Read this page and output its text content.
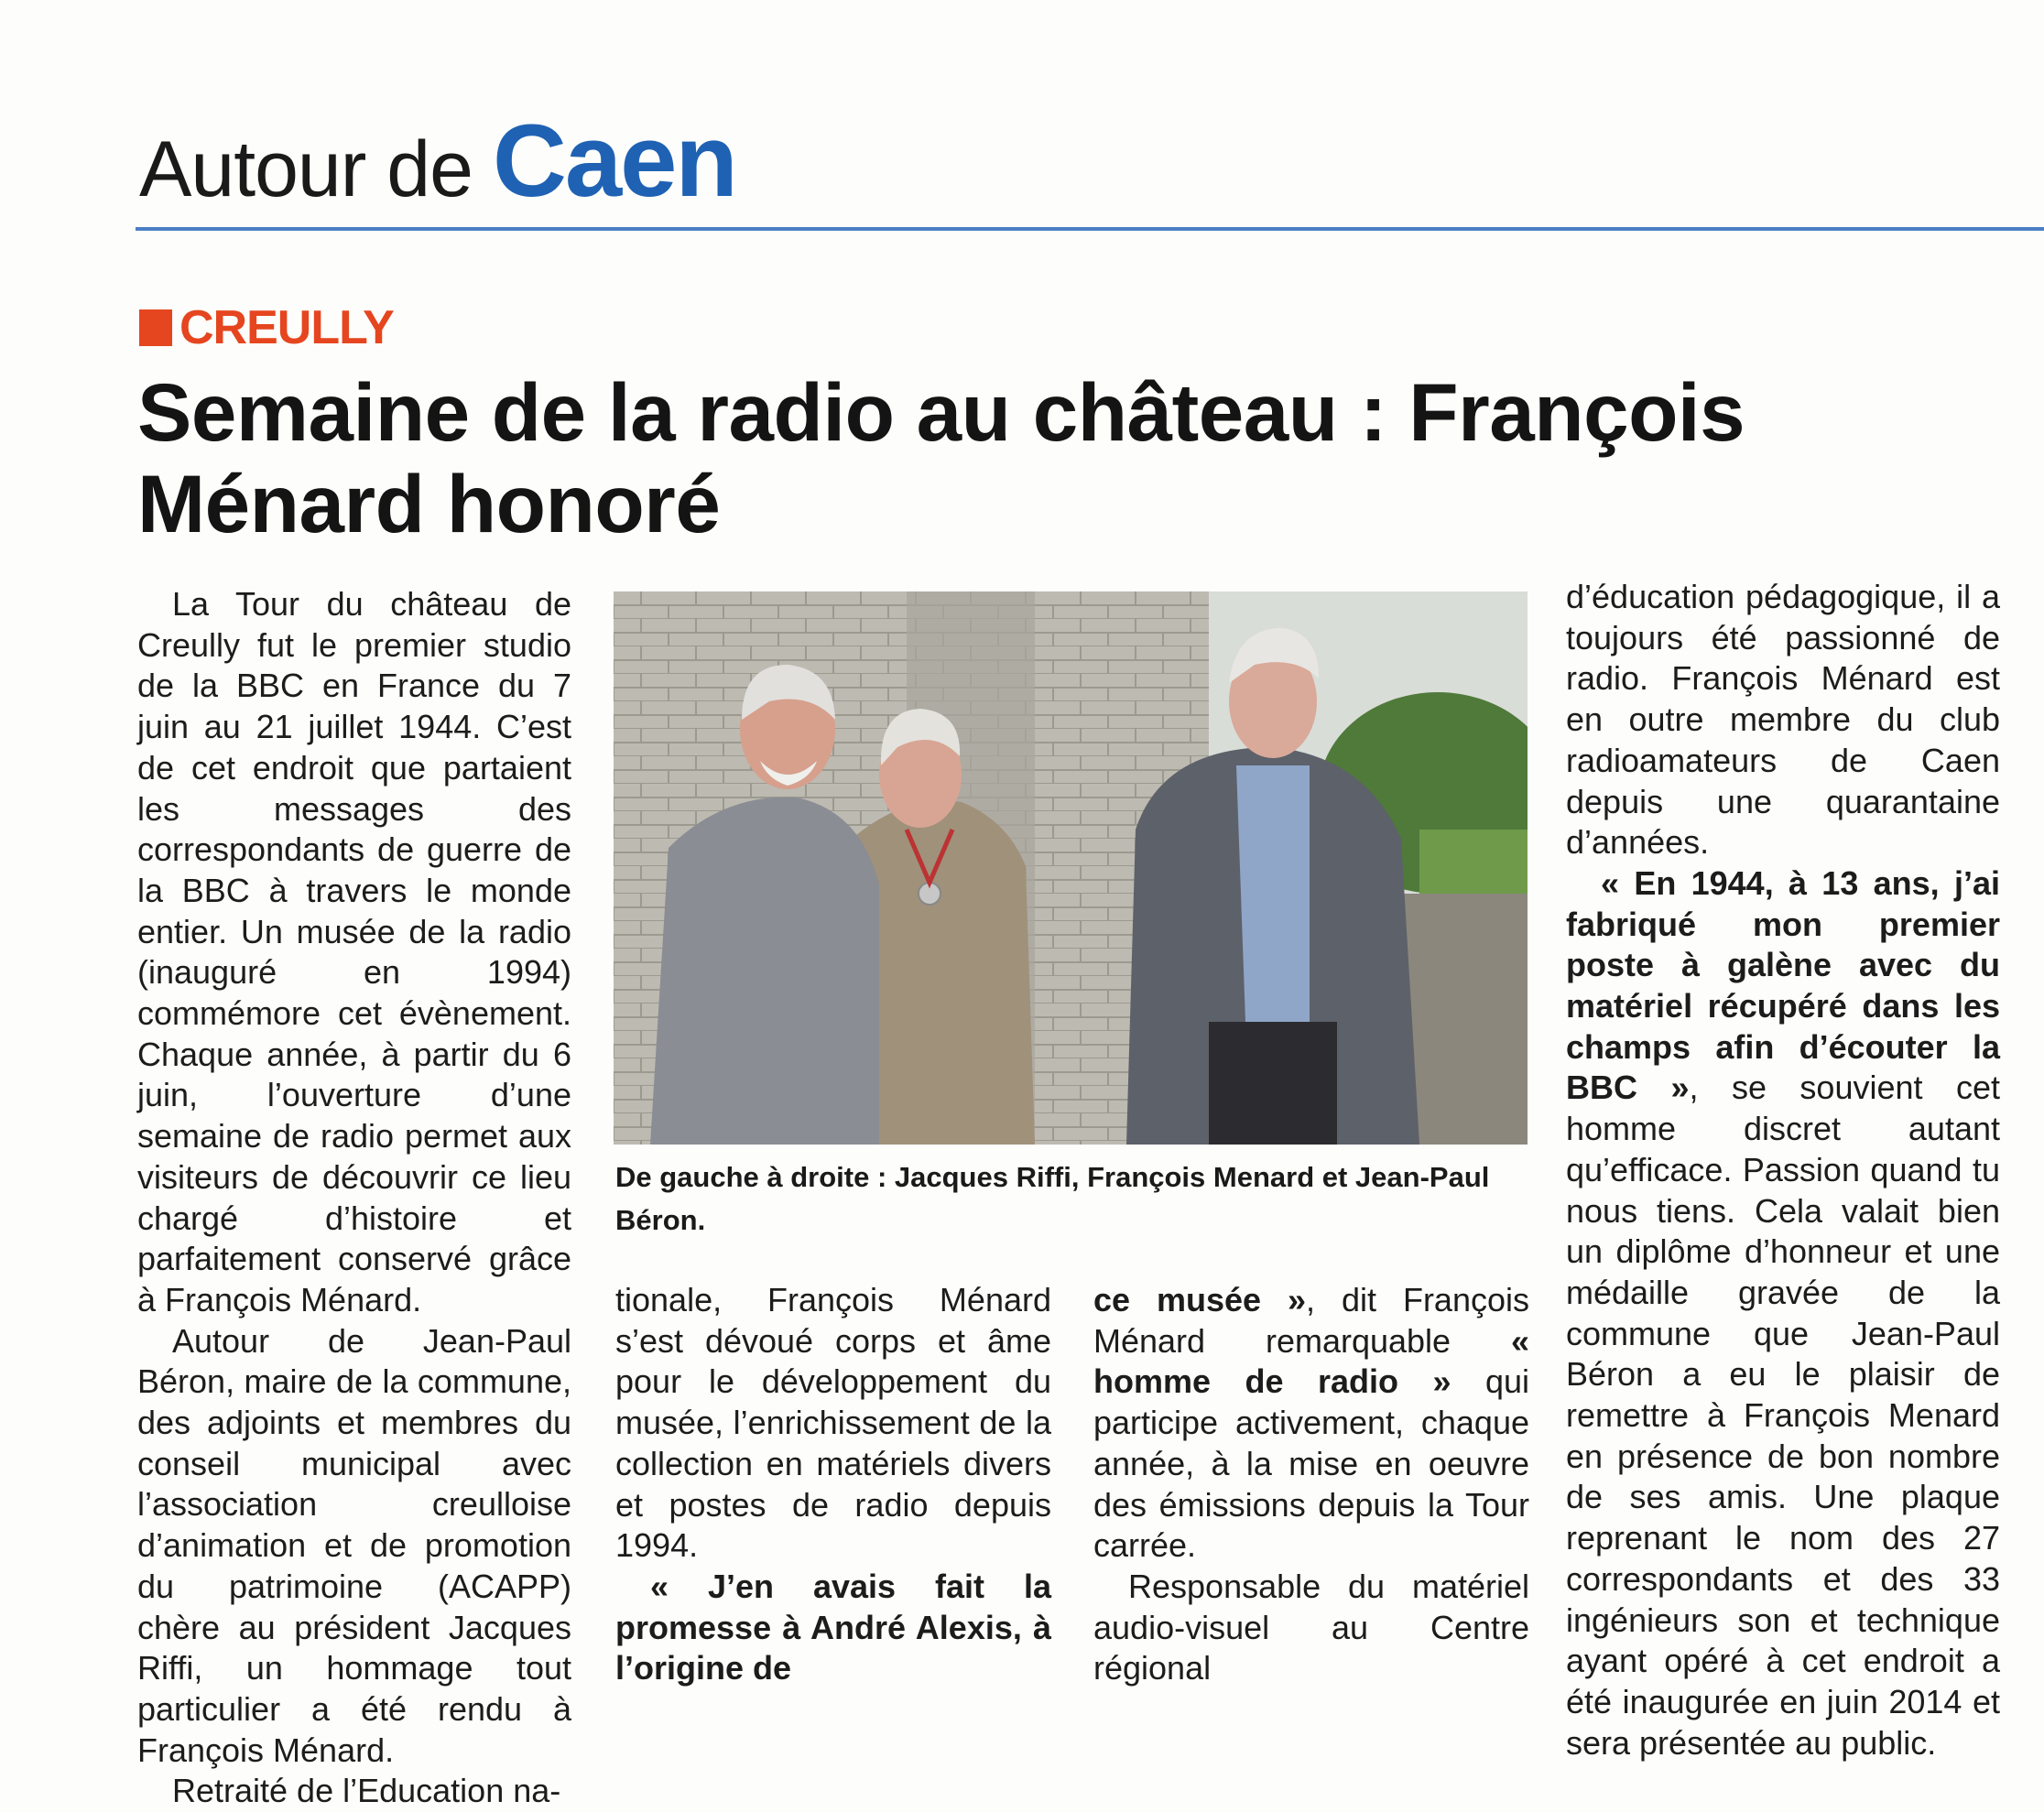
Autour de Caen
CREULLY
Semaine de la radio au château : François Ménard honoré

La Tour du château de Creully fut le premier studio de la BBC en France du 7 juin au 21 juillet 1944. C’est de cet endroit que partaient les messages des correspondants de guerre de la BBC à travers le monde entier. Un musée de la radio (inauguré en 1994) commémore cet évènement. Chaque année, à partir du 6 juin, l’ouverture d’une semaine de radio permet aux visiteurs de découvrir ce lieu chargé d’histoire et parfaitement conservé grâce à François Ménard.

Autour de Jean-Paul Béron, maire de la commune, des adjoints et membres du conseil municipal avec l’association creulloise d’animation et de promotion du patrimoine (ACAPP) chère au président Jacques Riffi, un hommage tout particulier a été rendu à François Ménard.

Retraité de l’Education na-

De gauche à droite : Jacques Riffi, François Menard et Jean-Paul Béron.

tionale, François Ménard s’est dévoué corps et âme pour le développement du musée, l’enrichissement de la collection en matériels divers et postes de radio depuis 1994.

« J’en avais fait la promesse à André Alexis, à l’origine de

ce musée », dit François Ménard remarquable « homme de radio » qui participe activement, chaque année, à la mise en oeuvre des émissions depuis la Tour carrée.

Responsable du matériel audio-visuel au Centre régional

d’éducation pédagogique, il a toujours été passionné de radio. François Ménard est en outre membre du club radioamateurs de Caen depuis une quarantaine d’années.

« En 1944, à 13 ans, j’ai fabriqué mon premier poste à galène avec du matériel récupéré dans les champs afin d’écouter la BBC », se souvient cet homme discret autant qu’efficace. Passion quand tu nous tiens. Cela valait bien un diplôme d’honneur et une médaille gravée de la commune que Jean-Paul Béron a eu le plaisir de remettre à François Menard en présence de bon nombre de ses amis. Une plaque reprenant le nom des 27 correspondants et des 33 ingénieurs son et technique ayant opéré à cet endroit a été inaugurée en juin 2014 et sera présentée au public.
